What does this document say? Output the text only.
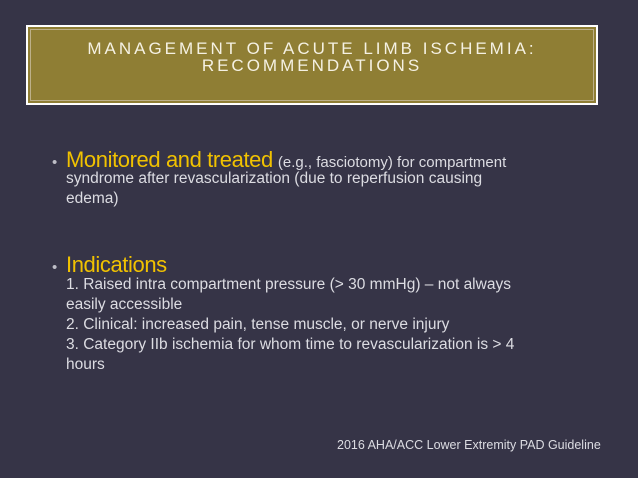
MANAGEMENT OF ACUTE LIMB ISCHEMIA:
RECOMMENDATIONS
• Monitored and treated (e.g., fasciotomy) for compartment
syndrome after revascularization (due to reperfusion causing
edema)
• Indications
1. Raised intra compartment pressure (> 30 mmHg) – not always
easily accessible
2. Clinical: increased pain, tense muscle, or nerve injury
3. Category IIb ischemia for whom time to revascularization is > 4
hours
2016 AHA/ACC Lower Extremity PAD Guideline
